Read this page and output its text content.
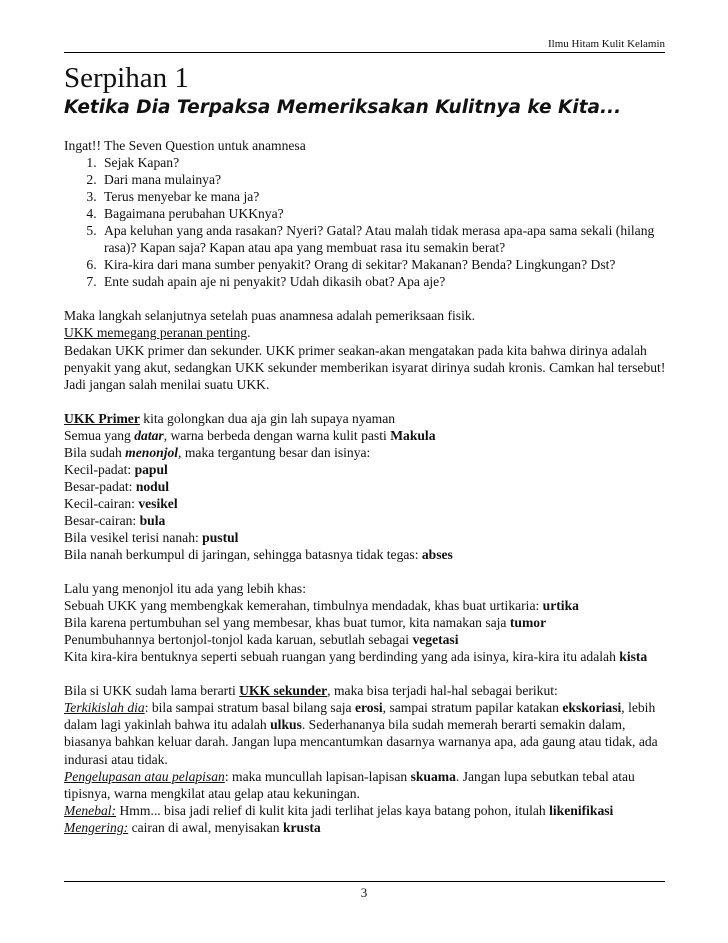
Ilmu Hitam Kulit Kelamin
Serpihan 1
Ketika Dia Terpaksa Memeriksakan Kulitnya ke Kita...

Ingat!! The Seven Question untuk anamnesa

1. Sejak Kapan?
2. Dari mana mulainya?
3. Terus menyebar ke mana ja?
4. Bagaimana perubahan UKKnya?
5. Apa keluhan yang anda rasakan? Nyeri? Gatal? Atau malah tidak merasa apa-apa sama sekali (hilang rasa)? Kapan saja? Kapan atau apa yang membuat rasa itu semakin berat?
6. Kira-kira dari mana sumber penyakit? Orang di sekitar? Makanan? Benda? Lingkungan? Dst?
7. Ente sudah apain aje ni penyakit? Udah dikasih obat? Apa aje?

Maka langkah selanjutnya setelah puas anamnesa adalah pemeriksaan fisik.

UKK memegang peranan penting.

Bedakan UKK primer dan sekunder. UKK primer seakan-akan mengatakan pada kita bahwa dirinya adalah penyakit yang akut, sedangkan UKK sekunder memberikan isyarat dirinya sudah kronis. Camkan hal tersebut! Jadi jangan salah menilai suatu UKK.

UKK Primer kita golongkan dua aja gin lah supaya nyaman

Semua yang datar, warna berbeda dengan warna kulit pasti Makula

Bila sudah menonjol, maka tergantung besar dan isinya:

Kecil-padat: papul

Besar-padat: nodul

Kecil-cairan: vesikel

Besar-cairan: bula

Bila vesikel terisi nanah: pustul

Bila nanah berkumpul di jaringan, sehingga batasnya tidak tegas: abses

Lalu yang menonjol itu ada yang lebih khas:

Sebuah UKK yang membengkak kemerahan, timbulnya mendadak, khas buat urtikaria: urtika

Bila karena pertumbuhan sel yang membesar, khas buat tumor, kita namakan saja tumor

Penumbuhannya bertonjol-tonjol kada karuan, sebutlah sebagai vegetasi

Kita kira-kira bentuknya seperti sebuah ruangan yang berdinding yang ada isinya, kira-kira itu adalah kista

Bila si UKK sudah lama berarti UKK sekunder, maka bisa terjadi hal-hal sebagai berikut:

Terkikislah dia: bila sampai stratum basal bilang saja erosi, sampai stratum papilar katakan ekskoriasi, lebih dalam lagi yakinlah bahwa itu adalah ulkus. Sederhananya bila sudah memerah berarti semakin dalam, biasanya bahkan keluar darah. Jangan lupa mencantumkan dasarnya warnanya apa, ada gaung atau tidak, ada indurasi atau tidak.

Pengelupasan atau pelapisan: maka muncullah lapisan-lapisan skuama. Jangan lupa sebutkan tebal atau tipisnya, warna mengkilat atau gelap atau kekuningan.

Menebal: Hmm... bisa jadi relief di kulit kita jadi terlihat jelas kaya batang pohon, itulah likenifikasi

Mengering: cairan di awal, menyisakan krusta

3
